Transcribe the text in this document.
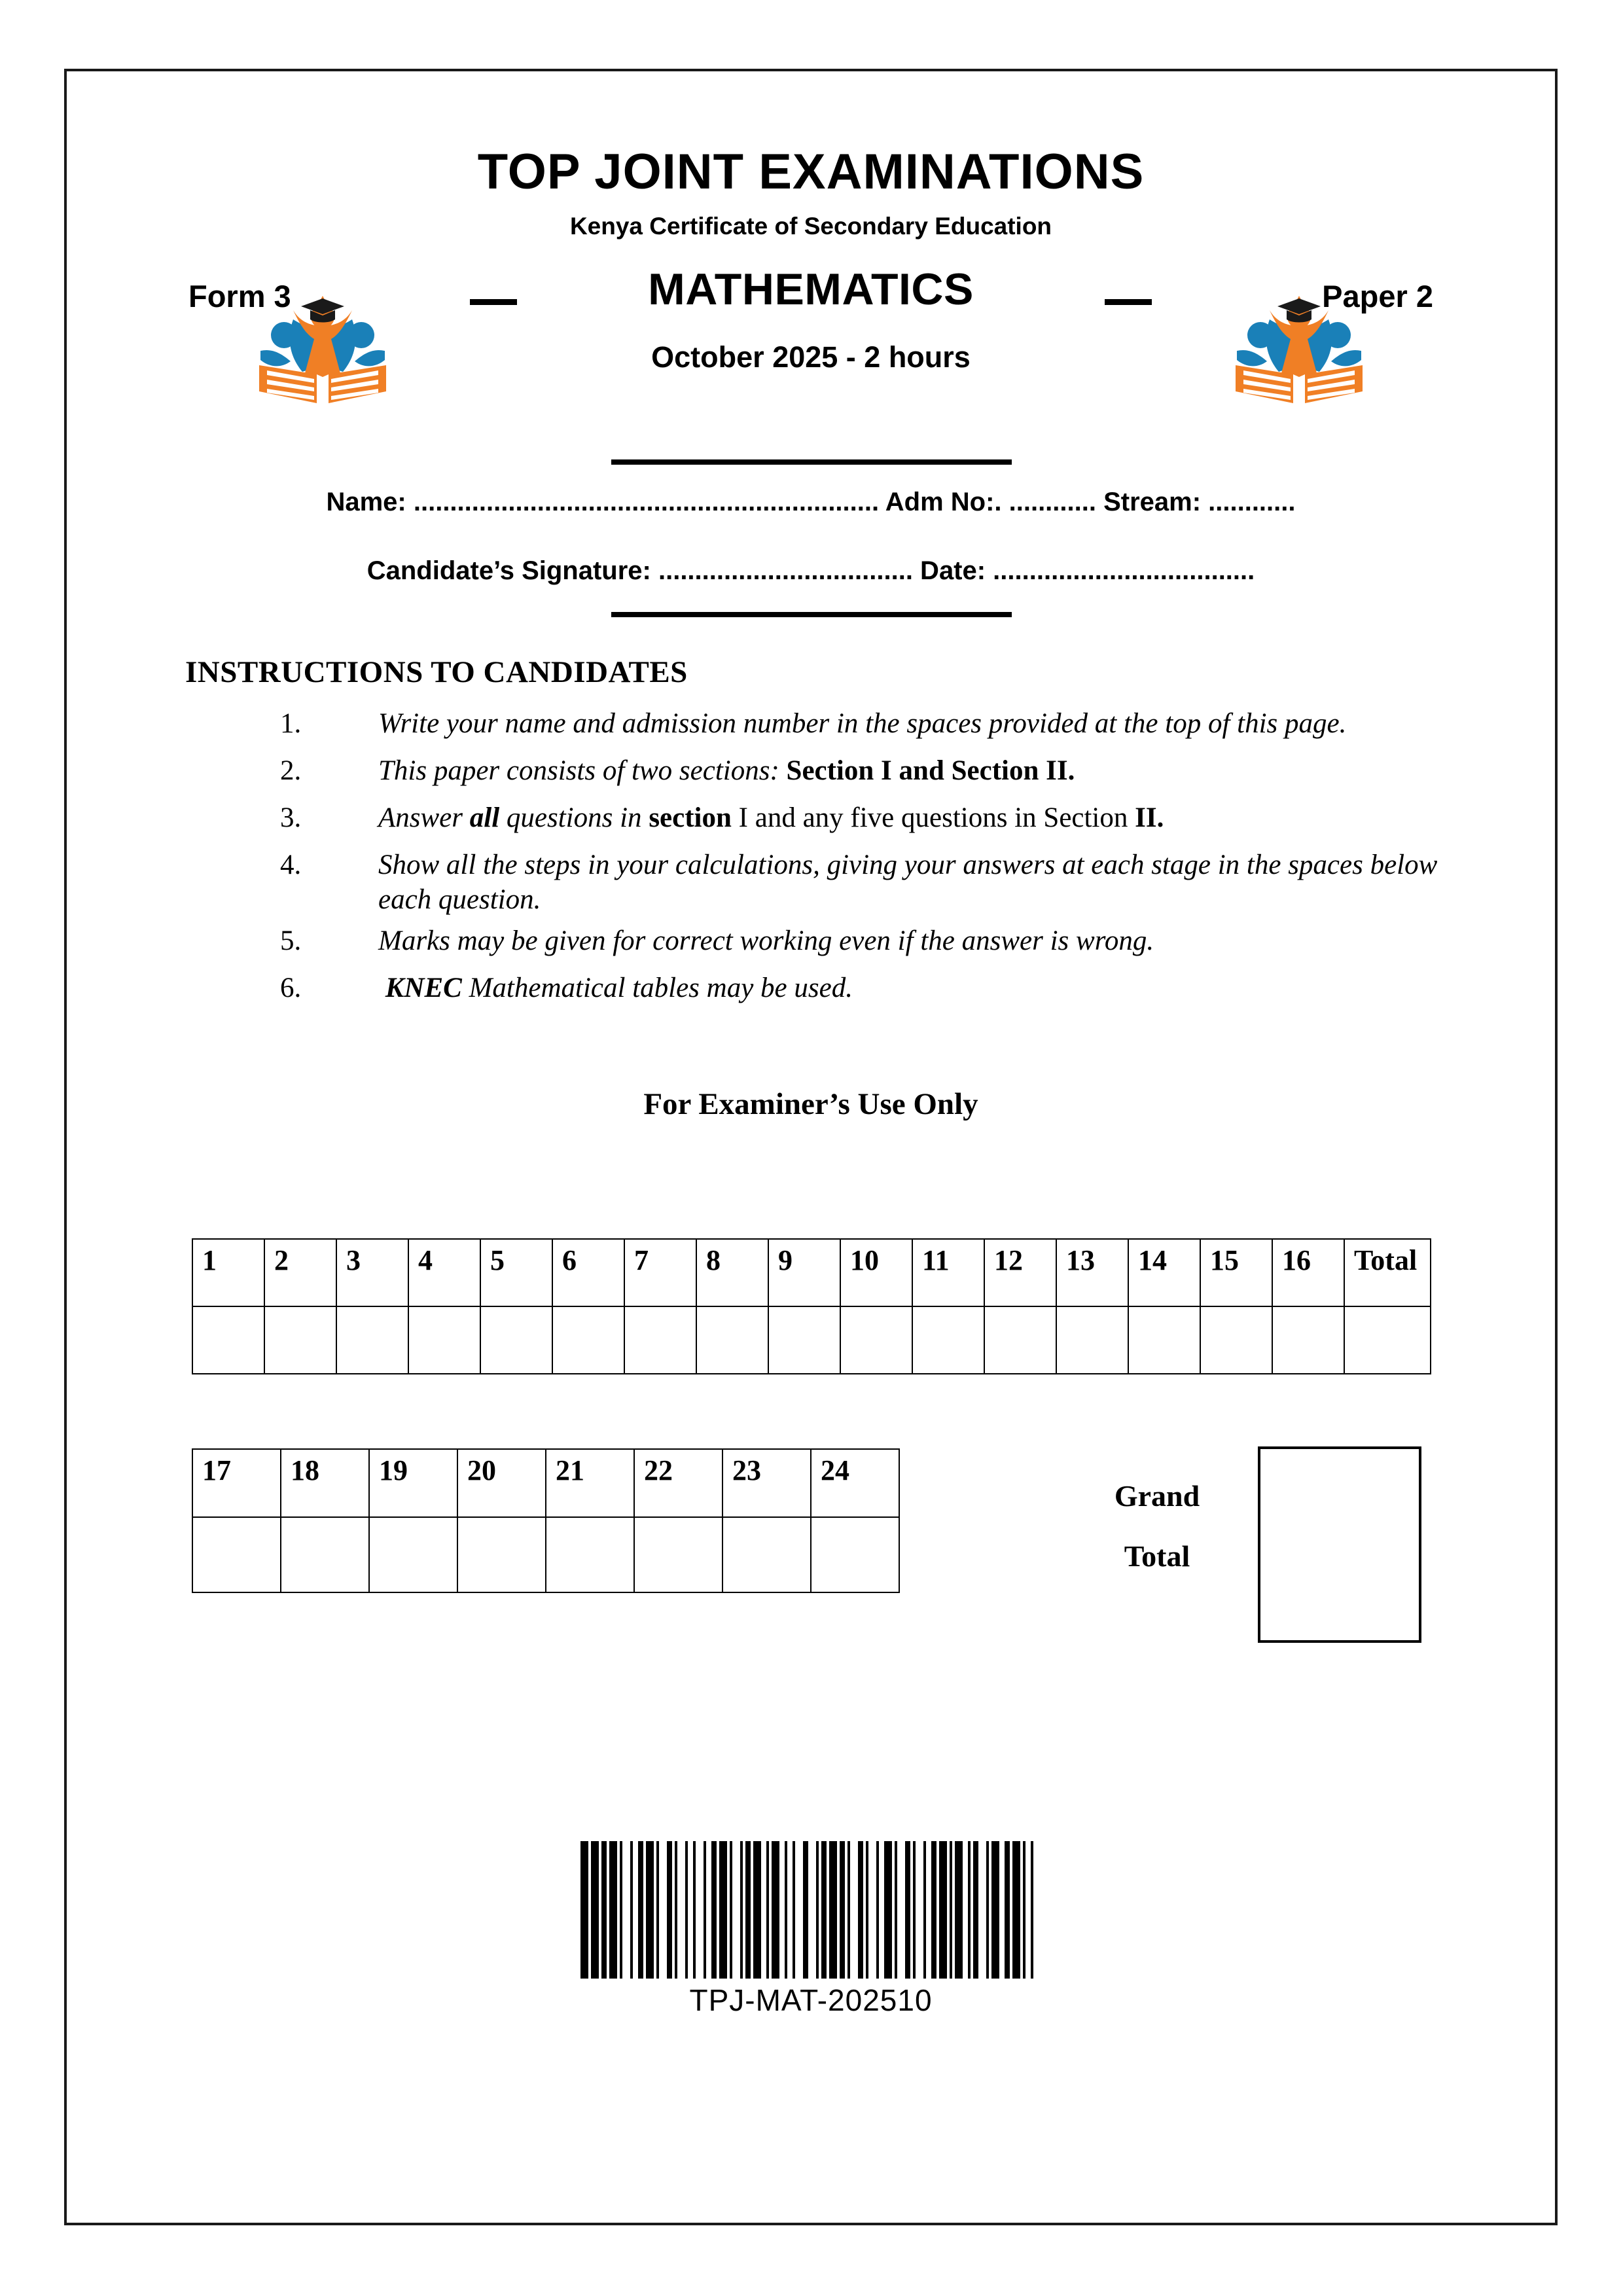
TOP JOINT EXAMINATIONS
Kenya Certificate of Secondary Education
Form 3	MATHEMATICS	Paper 2
October 2025 - 2 hours
Name: ................................................................ Adm No:. ............ Stream: ............
Candidate’s Signature: ................................... Date: ....................................
INSTRUCTIONS TO CANDIDATES
1.	Write your name and admission number in the spaces provided at the top of this page.
2.	This paper consists of two sections: Section I and Section II.
3.	Answer all questions in section I and any five questions in Section II.
4.	Show all the steps in your calculations, giving your answers at each stage in the spaces below each question.
5.	Marks may be given for correct working even if the answer is wrong.
6.	KNEC Mathematical tables may be used.
For Examiner’s Use Only
1	2	3	4	5	6	7	8	9	10	11	12	13	14	15	16	Total

17	18	19	20	21	22	23	24

Grand
Total
TPJ-MAT-202510
